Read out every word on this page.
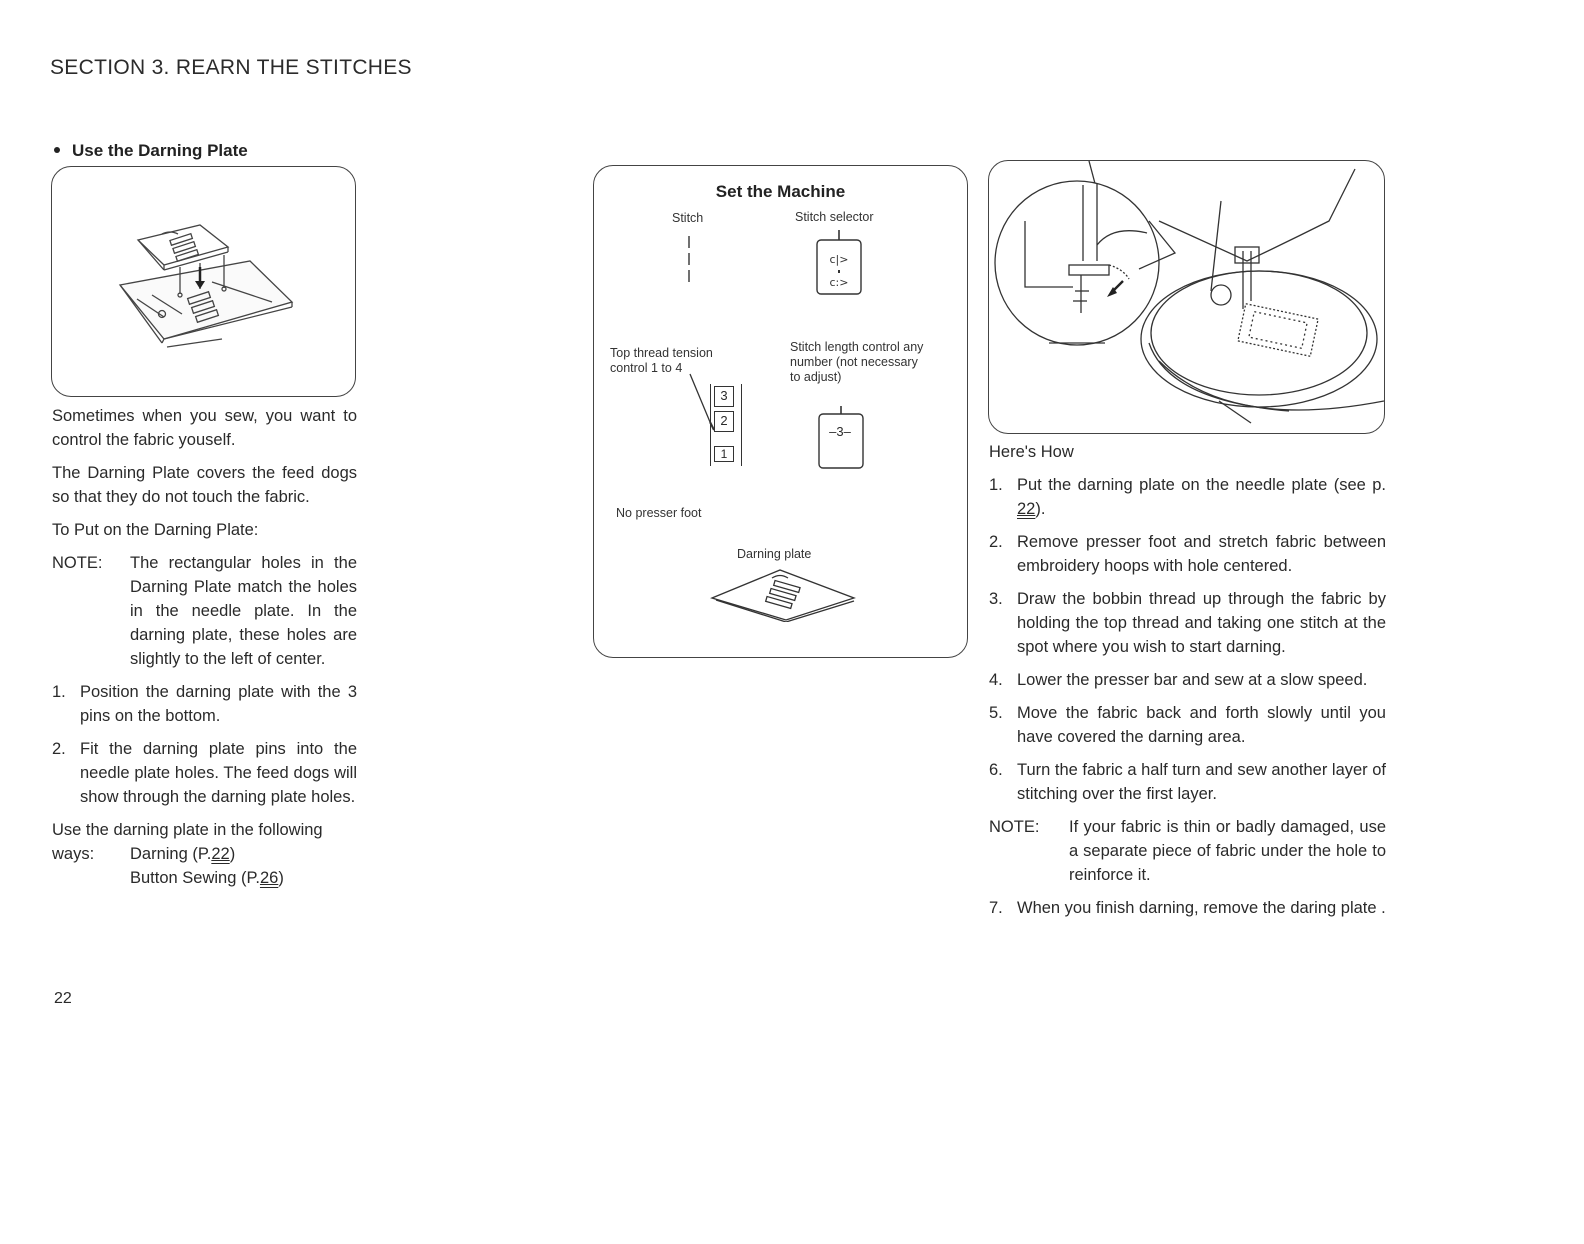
SECTION 3. REARN THE STITCHES
Use the Darning Plate

Sometimes when you sew, you want to control the fabric youself.

The Darning Plate covers the feed dogs so that they do not touch the fabric.

To Put on the Darning Plate:

NOTE:	The rectangular holes in the Darning Plate match the holes in the needle plate. In the darning plate, these holes are slightly to the left of center.
1. Position the darning plate with the 3 pins on the bottom.
2. Fit the darning plate pins into the needle plate holes. The feed dogs will show through the darning plate holes.
Use the darning plate in the following
ways:	Darning (P.22)
Button Sewing (P.26)
22
Set the Machine
Stitch	Stitch selector
c|>
c:>
Top thread tension control 1 to 4
Stitch length control any number (not necessary to adjust)
3
2
1
–3–
No presser foot
Darning plate

Here's How

1. Put the darning plate on the needle plate (see p. 22).
2. Remove presser foot and stretch fabric between embroidery hoops with hole centered.
3. Draw the bobbin thread up through the fabric by holding the top thread and taking one stitch at the spot where you wish to start darning.
4. Lower the presser bar and sew at a slow speed.
5. Move the fabric back and forth slowly until you have covered the darning area.
6. Turn the fabric a half turn and sew another layer of stitching over the first layer.
NOTE:	If your fabric is thin or badly damaged, use a separate piece of fabric under the hole to reinforce it.
7. When you finish darning, remove the daring plate .
